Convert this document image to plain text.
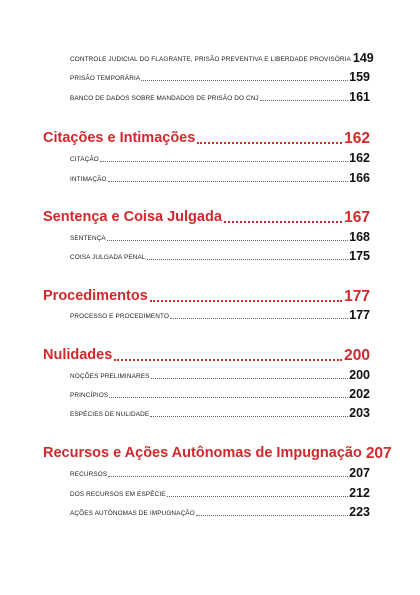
CONTROLE JUDICIAL DO FLAGRANTE, PRISÃO PREVENTIVA E LIBERDADE PROVISÓRIA 149
PRISÃO TEMPORÁRIA	159
BANCO DE DADOS SOBRE MANDADOS DE PRISÃO DO CNJ	161
Citações e Intimações	162
CITAÇÃO	162
INTIMAÇÃO	166
Sentença e Coisa Julgada	167
SENTENÇA	168
COISA JULGADA PENAL	175
Procedimentos	177
PROCESSO E PROCEDIMENTO	177
Nulidades	200
NOÇÕES PRELIMINARES	200
PRINCÍPIOS	202
ESPÉCIES DE NULIDADE	203
Recursos e Ações Autônomas de Impugnação 207
RECURSOS	207
DOS RECURSOS EM ESPÉCIE	212
AÇÕES AUTÔNOMAS DE IMPUGNAÇÃO	223
